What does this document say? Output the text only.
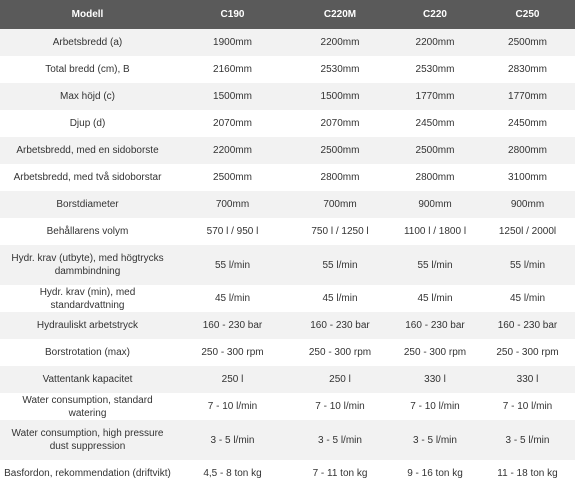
Modell	C190	C220M	C220	C250
Arbetsbredd (a)	1900mm	2200mm	2200mm	2500mm
Total bredd (cm), B	2160mm	2530mm	2530mm	2830mm
Max höjd (c)	1500mm	1500mm	1770mm	1770mm
Djup (d)	2070mm	2070mm	2450mm	2450mm
Arbetsbredd, med en sidoborste	2200mm	2500mm	2500mm	2800mm
Arbetsbredd, med två sidoborstar	2500mm	2800mm	2800mm	3100mm
Borstdiameter	700mm	700mm	900mm	900mm
Behållarens volym	570 l / 950 l	750 l / 1250 l	1100 l / 1800 l	1250l / 2000l
Hydr. krav (utbyte), med högtrycks dammbindning	55 l/min	55 l/min	55 l/min	55 l/min
Hydr. krav (min), med standardvattning	45 l/min	45 l/min	45 l/min	45 l/min
Hydrauliskt arbetstryck	160 - 230 bar	160 - 230 bar	160 - 230 bar	160 - 230 bar
Borstrotation (max)	250 - 300 rpm	250 - 300 rpm	250 - 300 rpm	250 - 300 rpm
Vattentank kapacitet	250 l	250 l	330 l	330 l
Water consumption, standard watering	7 - 10 l/min	7 - 10 l/min	7 - 10 l/min	7 - 10 l/min
Water consumption, high pressure dust suppression	3 - 5 l/min	3 - 5 l/min	3 - 5 l/min	3 - 5 l/min
Basfordon, rekommendation (driftvikt)	4,5 - 8 ton kg	7 - 11 ton kg	9 - 16 ton kg	11 - 18 ton kg
